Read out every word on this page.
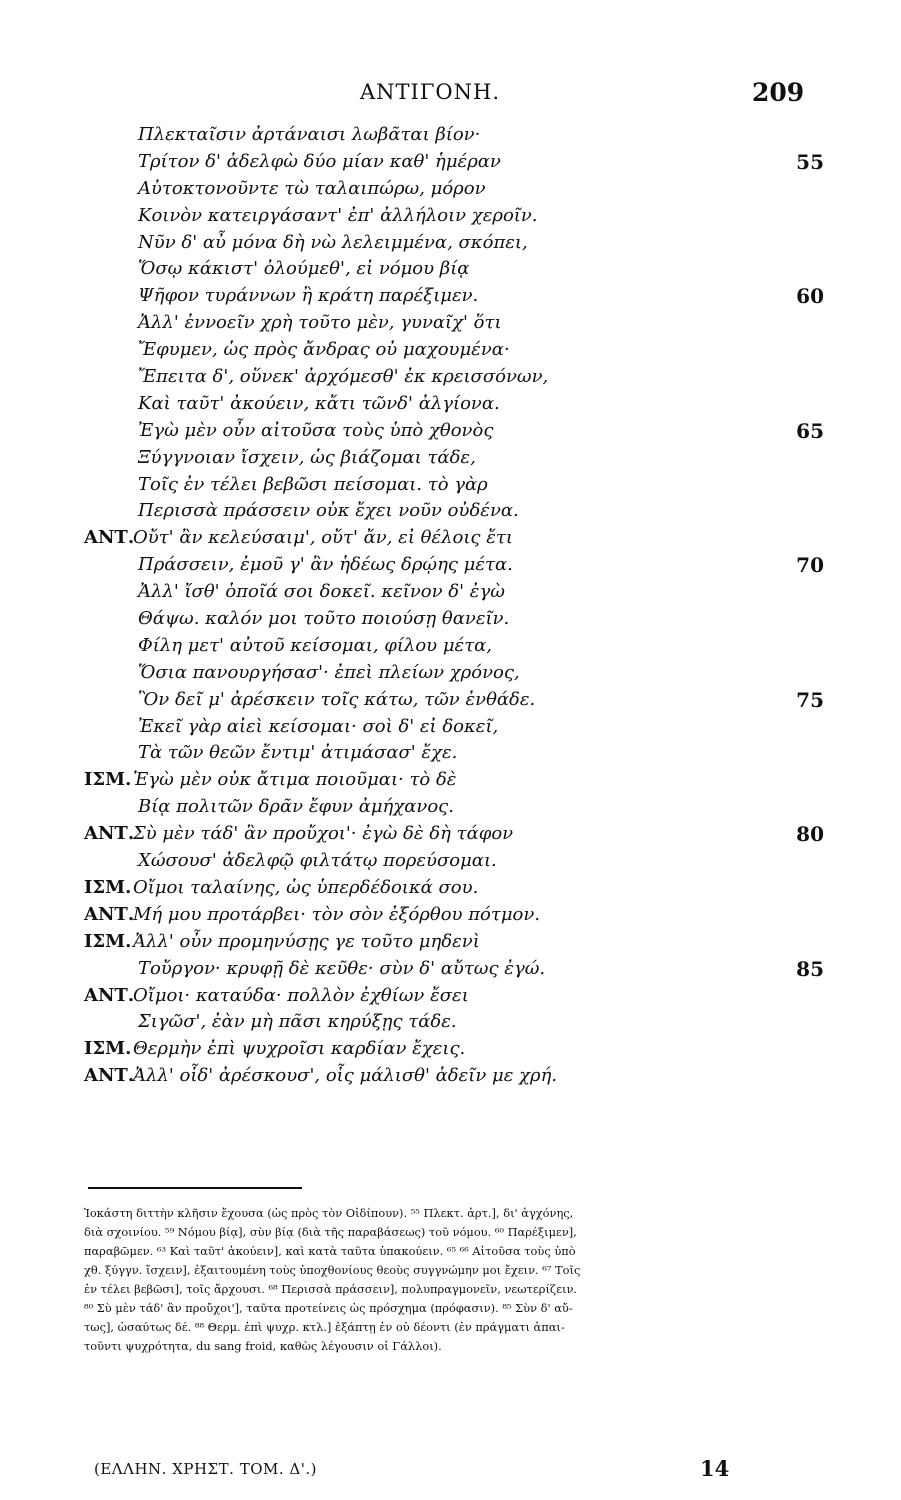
ΑΝΤΙΓΟΝΗ.	209
Πλεκταῖσιν ἀρτάναισι λωβᾶται βίον·
Τρίτον δ' ἀδελφὼ δύο μίαν καθ' ἡμέραν	55
Αὐτοκτονοῦντε τὼ ταλαιπώρω, μόρον
Κοινὸν κατειργάσαντ' ἐπ' ἀλλήλοιν χεροῖν.
Νῦν δ' αὖ μόνα δὴ νὼ λελειμμένα, σκόπει,
Ὅσῳ κάκιστ' ὀλούμεθ', εἰ νόμου βίᾳ
Ψῆφον τυράννων ἢ κράτη παρέξιμεν.	60
Ἀλλ' ἐννοεῖν χρὴ τοῦτο μὲν, γυναῖχ' ὅτι
Ἔφυμεν, ὡς πρὸς ἄνδρας οὐ μαχουμένα·
Ἔπειτα δ', οὕνεκ' ἀρχόμεσθ' ἐκ κρεισσόνων,
Καὶ ταῦτ' ἀκούειν, κἄτι τῶνδ' ἀλγίονα.
Ἐγὼ μὲν οὖν αἰτοῦσα τοὺς ὑπὸ χθονὸς	65
Ξύγγνοιαν ἴσχειν, ὡς βιάζομαι τάδε,
Τοῖς ἐν τέλει βεβῶσι πείσομαι. τὸ γὰρ
Περισσὰ πράσσειν οὐκ ἔχει νοῦν οὐδένα.
ΑΝΤ.
Οὔτ' ἂν κελεύσαιμ', οὔτ' ἄν, εἰ θέλοις ἔτι
Πράσσειν, ἐμοῦ γ' ἂν ἡδέως δρῴης μέτα.	70
Ἀλλ' ἴσθ' ὁποῖά σοι δοκεῖ. κεῖνον δ' ἐγὼ
Θάψω. καλόν μοι τοῦτο ποιούσῃ θανεῖν.
Φίλη μετ' αὐτοῦ κείσομαι, φίλου μέτα,
Ὅσια πανουργήσασ'· ἐπεὶ πλείων χρόνος,
Ὃν δεῖ μ' ἀρέσκειν τοῖς κάτω, τῶν ἐνθάδε.	75
Ἐκεῖ γὰρ αἰεὶ κείσομαι· σοὶ δ' εἰ δοκεῖ,
Τὰ τῶν θεῶν ἔντιμ' ἀτιμάσασ' ἔχε.
ΙΣΜ. Ἐγὼ μὲν οὐκ ἄτιμα ποιοῦμαι· τὸ δὲ
Βίᾳ πολιτῶν δρᾶν ἔφυν ἀμήχανος.
ΑΝΤ.
Σὺ μὲν τάδ' ἂν προὔχοι'· ἐγὼ δὲ δὴ τάφον	80
Χώσουσ' ἀδελφῷ φιλτάτῳ πορεύσομαι.
ΙΣΜ. Οἴμοι ταλαίνης, ὡς ὑπερδέδοικά σου.
ΑΝΤ.
Μή μου προτάρβει· τὸν σὸν ἐξόρθου πότμον.
ΙΣΜ. Ἀλλ' οὖν προμηνύσῃς γε τοῦτο μηδενὶ
Τοὔργον· κρυφῇ δὲ κεῦθε· σὺν δ' αὔτως ἐγώ.	85
ΑΝΤ.
Οἴμοι· καταύδα· πολλὸν ἐχθίων ἔσει
Σιγῶσ', ἐὰν μὴ πᾶσι κηρύξῃς τάδε.
ΙΣΜ. Θερμὴν ἐπὶ ψυχροῖσι καρδίαν ἔχεις.
ΑΝΤ.
Ἀλλ' οἶδ' ἀρέσκουσ', οἷς μάλισθ' ἁδεῖν με χρή.
Ἰοκάστη διττὴν κλῆσιν ἔχουσα (ὡς πρὸς τὸν Οἰδίπουν). ⁵⁵ Πλεκτ. ἀρτ.], δι' ἀγχόνης,
διὰ σχοινίου. ⁵⁹ Νόμου βίᾳ], σὺν βίᾳ (διὰ τῆς παραβάσεως) τοῦ νόμου. ⁶⁰ Παρέξιμεν],
παραβῶμεν. ⁶³ Καὶ ταῦτ' ἀκούειν], καὶ κατὰ ταῦτα ὑπακούειν. ⁶⁵ ⁶⁶ Αἰτοῦσα τοὺς ὑπὸ
χθ. ξύγγν. ἴσχειν], ἐξαιτουμένη τοὺς ὑποχθονίους θεοὺς συγγνώμην μοι ἔχειν. ⁶⁷ Τοῖς
ἐν τέλει βεβῶσι], τοῖς ἄρχουσι. ⁶⁸ Περισσὰ πράσσειν], πολυπραγμονεῖν, νεωτερίζειν.
⁸⁰ Σὺ μὲν τάδ' ἂν προὔχοι'], ταῦτα προτείνεις ὡς πρόσχημα (πρόφασιν). ⁸⁵ Σὺν δ' αὔ-
τως], ὡσαύτως δέ. ⁸⁸ Θερμ. ἐπὶ ψυχρ. κτλ.] ἐξάπτῃ ἐν οὐ δέοντι (ἐν πράγματι ἀπαι-
τοῦντι ψυχρότητα, du sang froid, καθὼς λέγουσιν οἱ Γάλλοι).
(ΕΛΛΗΝ. ΧΡΗΣΤ. ΤΟΜ. Δ'.)	14
